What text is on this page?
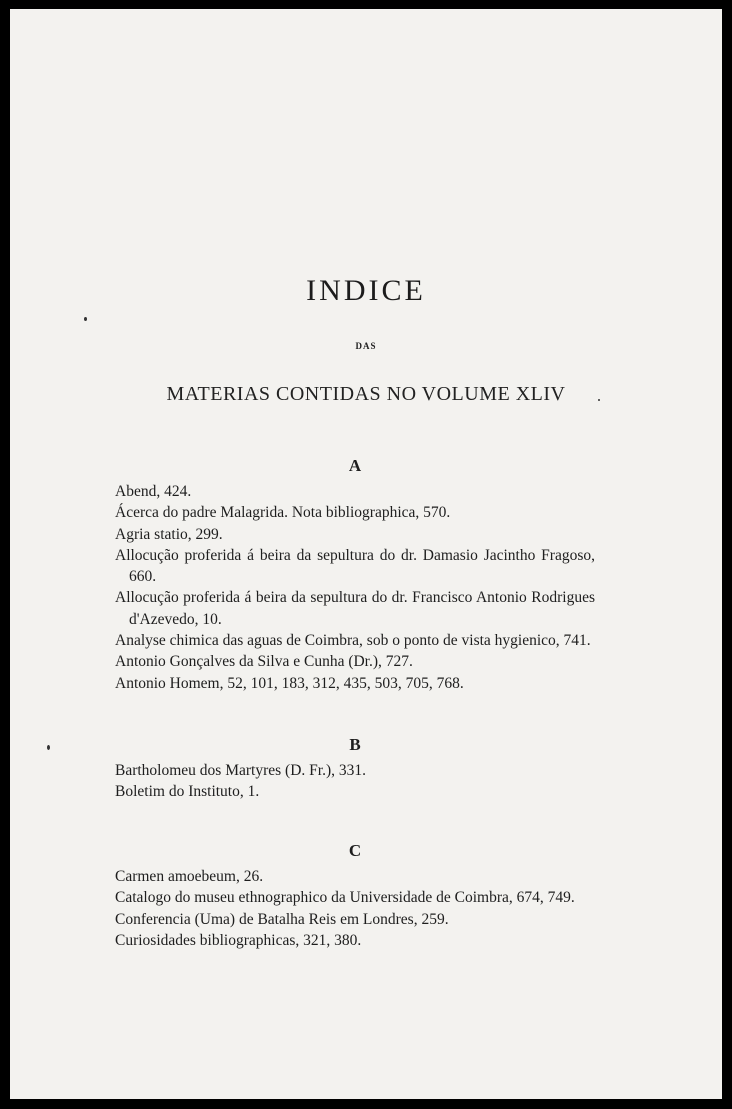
INDICE
DAS
MATERIAS CONTIDAS NO VOLUME XLIV
A
Abend, 424.
Ácerca do padre Malagrida. Nota bibliographica, 570.
Agria statio, 299.
Allocução proferida á beira da sepultura do dr. Damasio Jacintho Fragoso, 660.
Allocução proferida á beira da sepultura do dr. Francisco Antonio Rodrigues d'Azevedo, 10.
Analyse chimica das aguas de Coimbra, sob o ponto de vista hygienico, 741.
Antonio Gonçalves da Silva e Cunha (Dr.), 727.
Antonio Homem, 52, 101, 183, 312, 435, 503, 705, 768.
B
Bartholomeu dos Martyres (D. Fr.), 331.
Boletim do Instituto, 1.
C
Carmen amoebeum, 26.
Catalogo do museu ethnographico da Universidade de Coimbra, 674, 749.
Conferencia (Uma) de Batalha Reis em Londres, 259.
Curiosidades bibliographicas, 321, 380.
